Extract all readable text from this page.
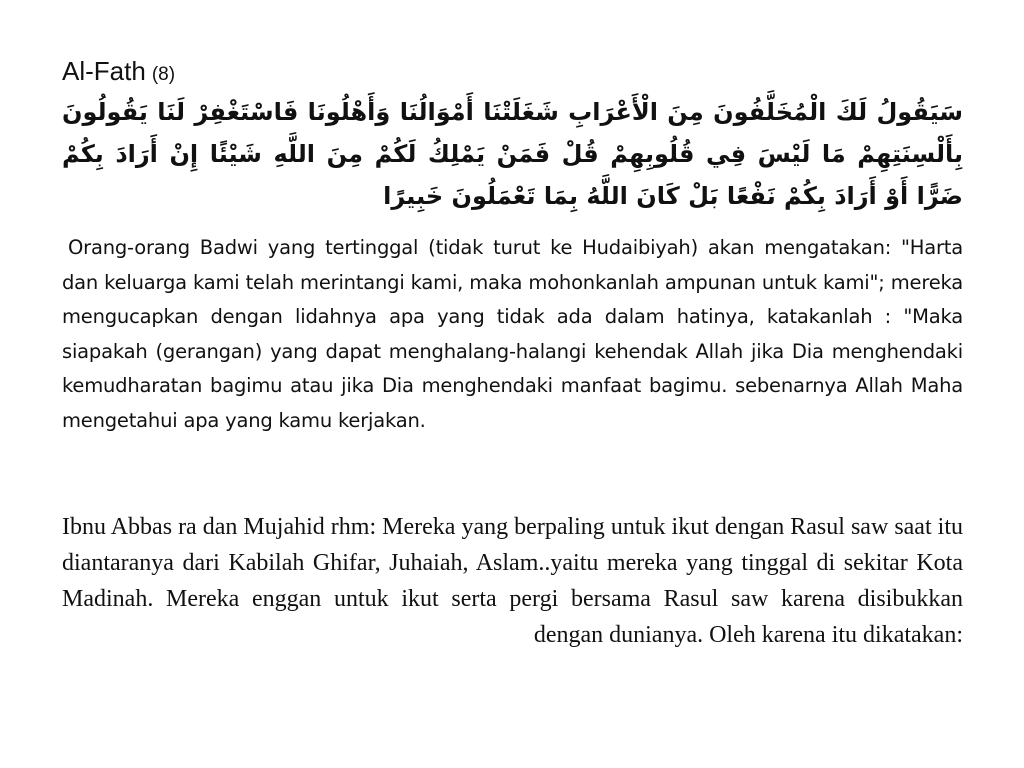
Al-Fath (8)
سَيَقُولُ لَكَ الْمُخَلَّفُونَ مِنَ الْأَعْرَابِ شَغَلَتْنَا أَمْوَالُنَا وَأَهْلُونَا فَاسْتَغْفِرْ لَنَا يَقُولُونَ بِأَلْسِنَتِهِمْ مَا لَيْسَ فِي قُلُوبِهِمْ قُلْ فَمَنْ يَمْلِكُ لَكُمْ مِنَ اللَّهِ شَيْئًا إِنْ أَرَادَ بِكُمْ ضَرًّا أَوْ أَرَادَ بِكُمْ نَفْعًا بَلْ كَانَ اللَّهُ بِمَا تَعْمَلُونَ خَبِيرًا
Orang-orang Badwi yang tertinggal (tidak turut ke Hudaibiyah) akan mengatakan: "Harta dan keluarga kami telah merintangi kami, maka mohonkanlah ampunan untuk kami"; mereka mengucapkan dengan lidahnya apa yang tidak ada dalam hatinya, katakanlah : "Maka siapakah (gerangan) yang dapat menghalang-halangi kehendak Allah jika Dia menghendaki kemudharatan bagimu atau jika Dia menghendaki manfaat bagimu. sebenarnya Allah Maha mengetahui apa yang kamu kerjakan.
Ibnu Abbas ra dan Mujahid rhm: Mereka yang berpaling untuk ikut dengan Rasul saw saat itu diantaranya dari Kabilah Ghifar, Juhaiah, Aslam..yaitu mereka yang tinggal di sekitar Kota Madinah. Mereka enggan untuk ikut serta pergi bersama Rasul saw karena disibukkan dengan dunianya. Oleh karena itu dikatakan:
